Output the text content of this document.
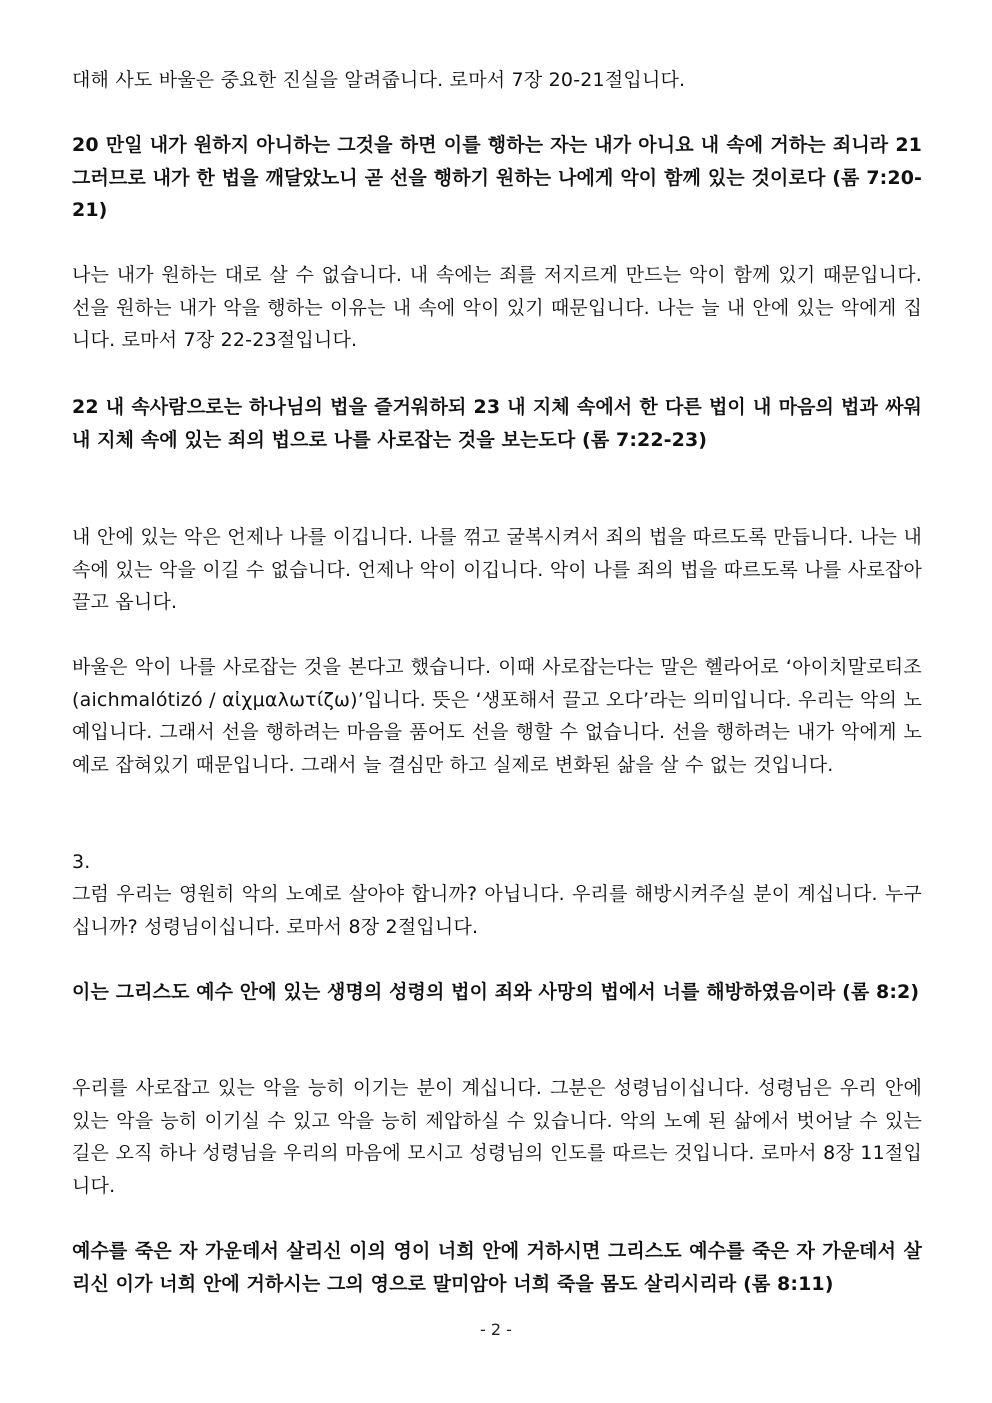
대해 사도 바울은 중요한 진실을 알려줍니다. 로마서 7장 20-21절입니다.

20 만일 내가 원하지 아니하는 그것을 하면 이를 행하는 자는 내가 아니요 내 속에 거하는 죄니라 21 그러므로 내가 한 법을 깨달았노니 곧 선을 행하기 원하는 나에게 악이 함께 있는 것이로다 (롬 7:20-21)

나는 내가 원하는 대로 살 수 없습니다. 내 속에는 죄를 저지르게 만드는 악이 함께 있기 때문입니다. 선을 원하는 내가 악을 행하는 이유는 내 속에 악이 있기 때문입니다. 나는 늘 내 안에 있는 악에게 집니다. 로마서 7장 22-23절입니다.

22 내 속사람으로는 하나님의 법을 즐거워하되 23 내 지체 속에서 한 다른 법이 내 마음의 법과 싸워 내 지체 속에 있는 죄의 법으로 나를 사로잡는 것을 보는도다 (롬 7:22-23)

내 안에 있는 악은 언제나 나를 이깁니다. 나를 꺾고 굴복시켜서 죄의 법을 따르도록 만듭니다. 나는 내 속에 있는 악을 이길 수 없습니다. 언제나 악이 이깁니다. 악이 나를 죄의 법을 따르도록 나를 사로잡아 끌고 옵니다.

바울은 악이 나를 사로잡는 것을 본다고 했습니다. 이때 사로잡는다는 말은 헬라어로 ‘아이치말로티조(aichmalótizó / αἰχμαλωτίζω)’입니다. 뜻은 ‘생포해서 끌고 오다’라는 의미입니다. 우리는 악의 노예입니다. 그래서 선을 행하려는 마음을 품어도 선을 행할 수 없습니다. 선을 행하려는 내가 악에게 노예로 잡혀있기 때문입니다. 그래서 늘 결심만 하고 실제로 변화된 삶을 살 수 없는 것입니다.

3.

그럼 우리는 영원히 악의 노예로 살아야 합니까? 아닙니다. 우리를 해방시켜주실 분이 계십니다. 누구십니까? 성령님이십니다. 로마서 8장 2절입니다.

이는 그리스도 예수 안에 있는 생명의 성령의 법이 죄와 사망의 법에서 너를 해방하였음이라 (롬 8:2)

우리를 사로잡고 있는 악을 능히 이기는 분이 계십니다. 그분은 성령님이십니다. 성령님은 우리 안에 있는 악을 능히 이기실 수 있고 악을 능히 제압하실 수 있습니다. 악의 노예 된 삶에서 벗어날 수 있는 길은 오직 하나 성령님을 우리의 마음에 모시고 성령님의 인도를 따르는 것입니다. 로마서 8장 11절입니다.

예수를 죽은 자 가운데서 살리신 이의 영이 너희 안에 거하시면 그리스도 예수를 죽은 자 가운데서 살리신 이가 너희 안에 거하시는 그의 영으로 말미암아 너희 죽을 몸도 살리시리라 (롬 8:11)

- 2 -
